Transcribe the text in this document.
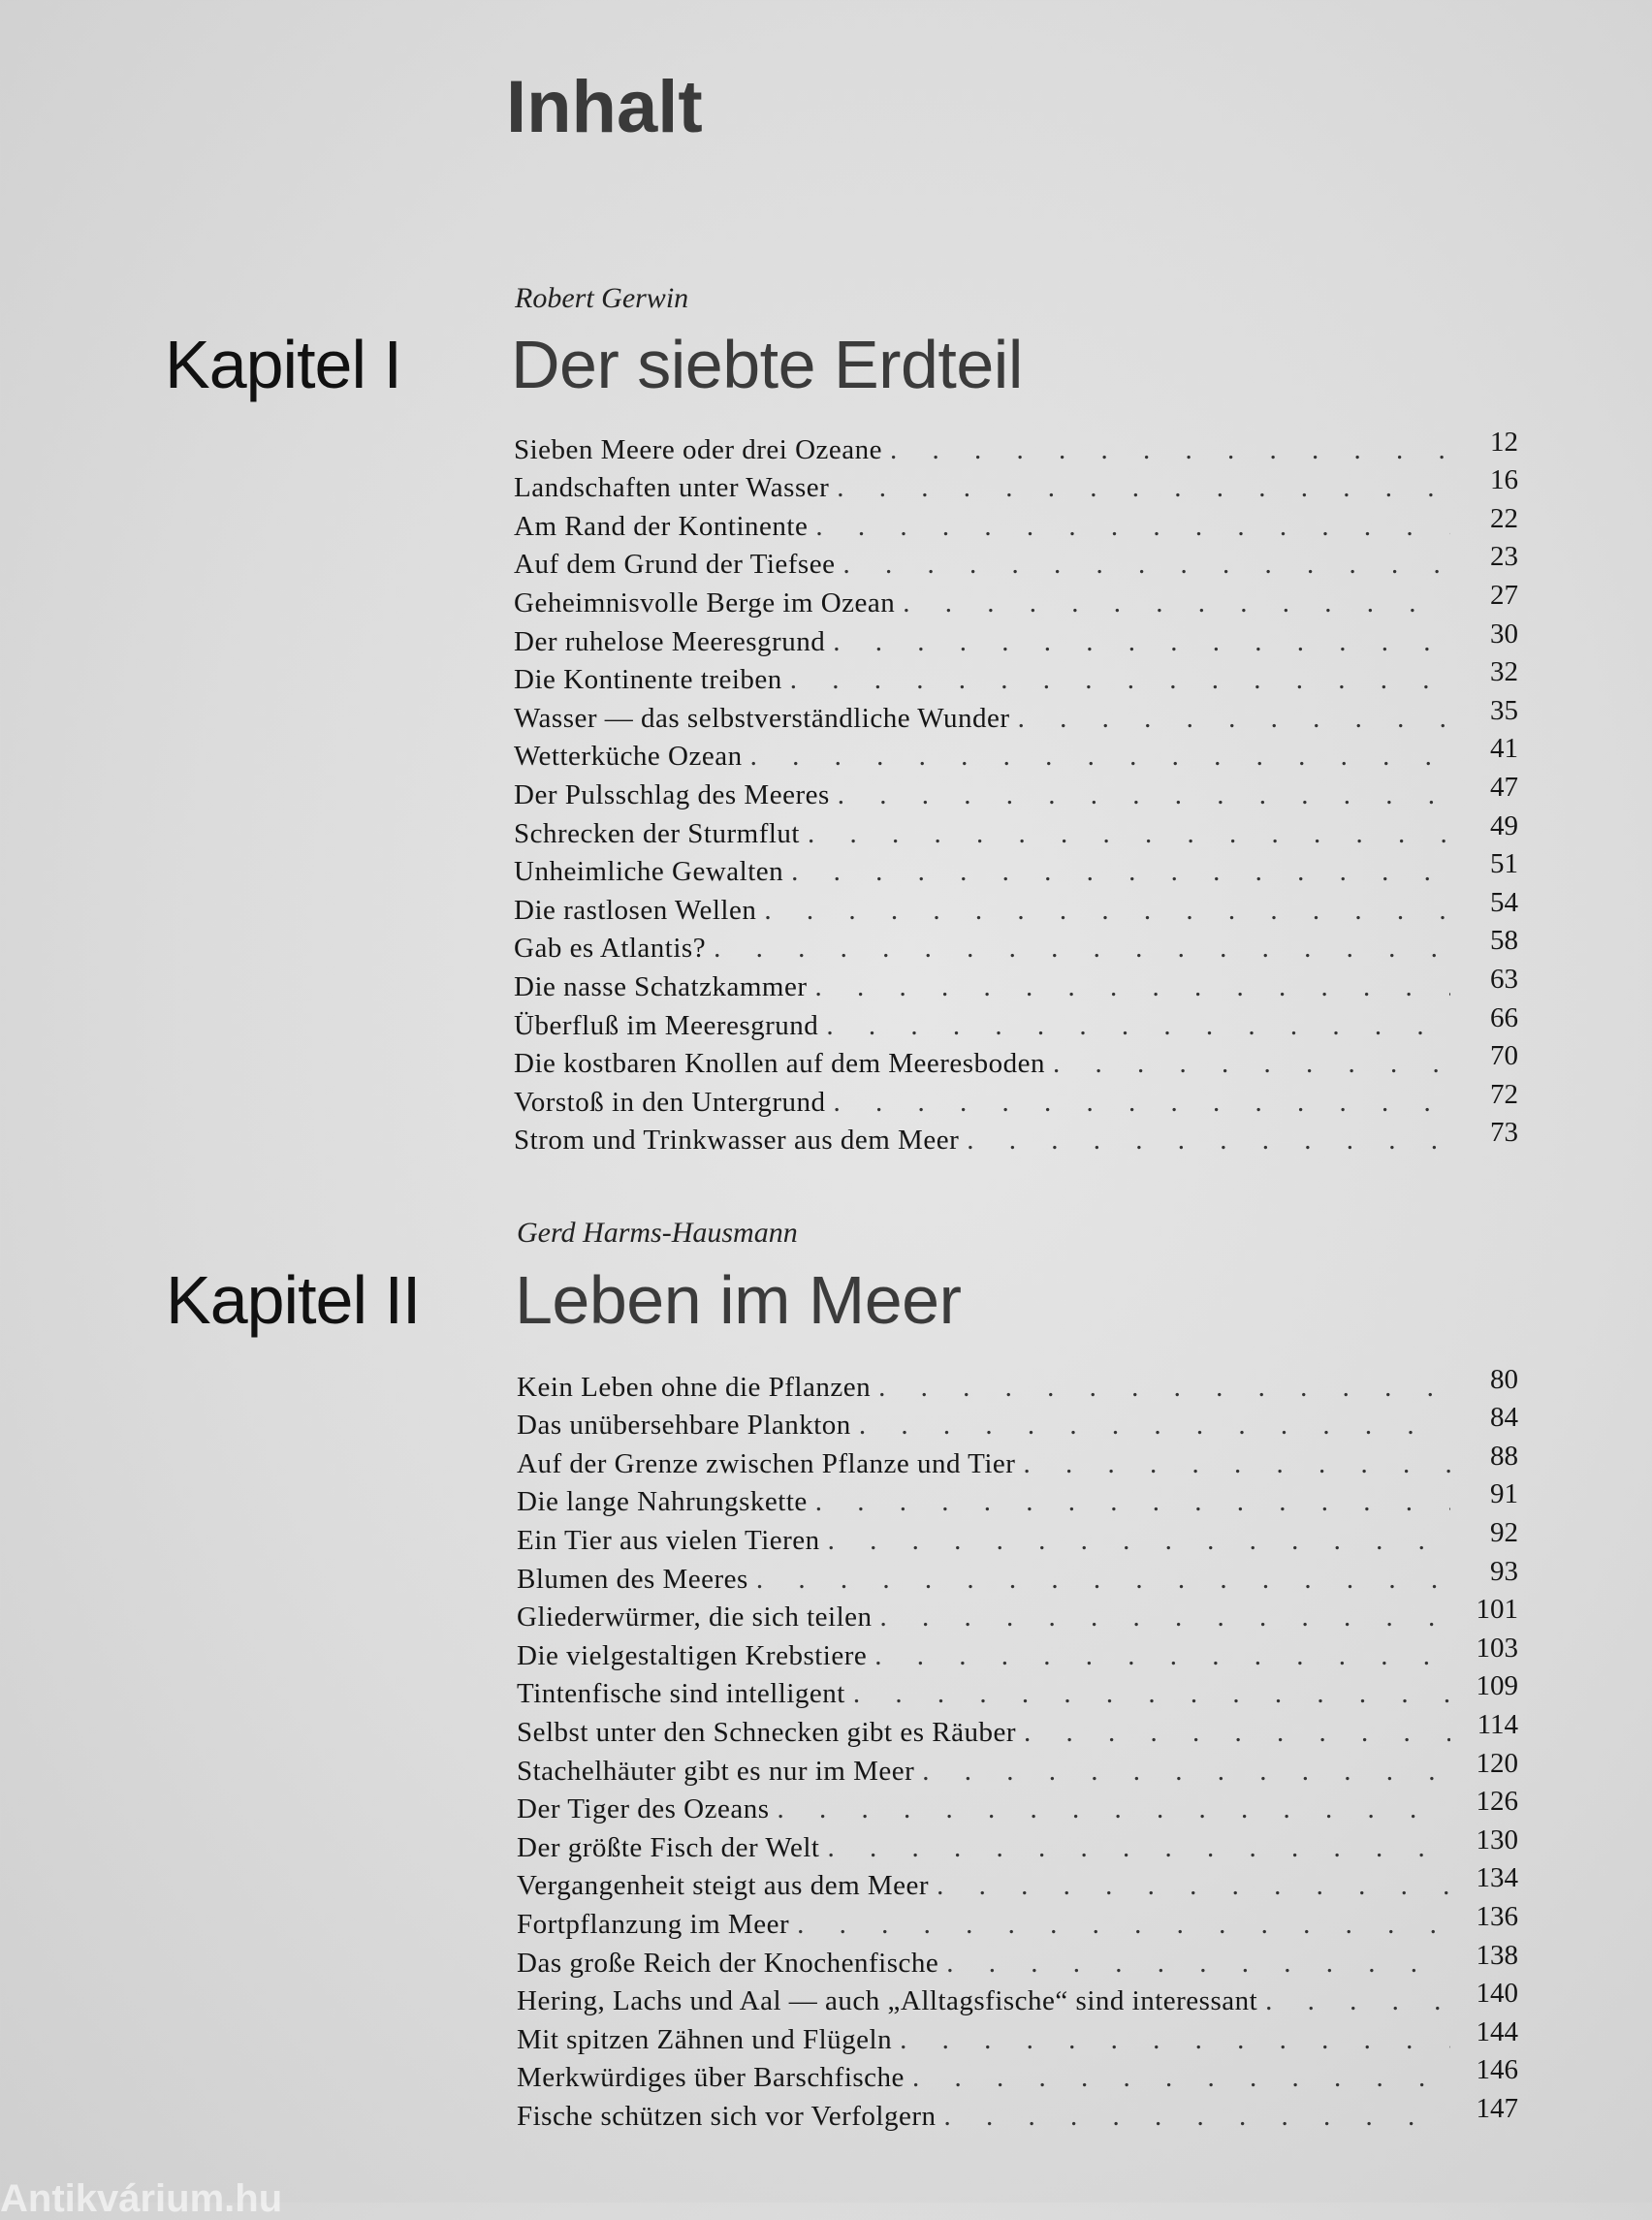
Inhalt
Robert Gerwin
Kapitel I Der siebte Erdteil
Sieben Meere oder drei Ozeane . . .	12
Landschaften unter Wasser . . .	16
Am Rand der Kontinente . . .	22
Auf dem Grund der Tiefsee . . .	23
Geheimnisvolle Berge im Ozean . . .	27
Der ruhelose Meeresgrund . . .	30
Die Kontinente treiben . . .	32
Wasser — das selbstverständliche Wunder . . .	35
Wetterküche Ozean . . .	41
Der Pulsschlag des Meeres . . .	47
Schrecken der Sturmflut . . .	49
Unheimliche Gewalten . . .	51
Die rastlosen Wellen . . .	54
Gab es Atlantis? . . .	58
Die nasse Schatzkammer . . .	63
Überfluß im Meeresgrund . . .	66
Die kostbaren Knollen auf dem Meeresboden . . .	70
Vorstoß in den Untergrund . . .	72
Strom und Trinkwasser aus dem Meer . . .	73
Gerd Harms-Hausmann
Kapitel II Leben im Meer
Kein Leben ohne die Pflanzen . . .	80
Das unübersehbare Plankton . . .	84
Auf der Grenze zwischen Pflanze und Tier . . .	88
Die lange Nahrungskette . . .	91
Ein Tier aus vielen Tieren . . .	92
Blumen des Meeres . . .	93
Gliederwürmer, die sich teilen . . .	101
Die vielgestaltigen Krebstiere . . .	103
Tintenfische sind intelligent . . .	109
Selbst unter den Schnecken gibt es Räuber . . .	114
Stachelhäuter gibt es nur im Meer . . .	120
Der Tiger des Ozeans . . .	126
Der größte Fisch der Welt . . .	130
Vergangenheit steigt aus dem Meer . . .	134
Fortpflanzung im Meer . . .	136
Das große Reich der Knochenfische . . .	138
Hering, Lachs und Aal — auch „Alltagsfische“ sind interessant . . .	140
Mit spitzen Zähnen und Flügeln . . .	144
Merkwürdiges über Barschfische . . .	146
Fische schützen sich vor Verfolgern . . .	147
Antikvárium.hu
